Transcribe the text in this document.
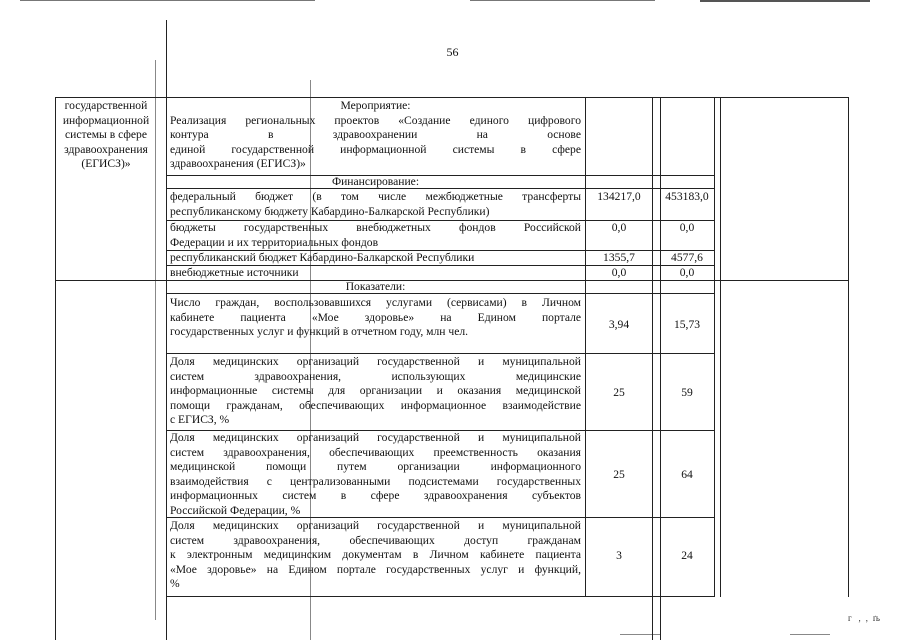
г   ,  ‚  ґь
56
государственной
информационной
системы в сфере
здравоохранения
(ЕГИСЗ)»
Мероприятие:
Реализация региональных проектов «Создание единого цифрового
контура в здравоохранении на основе
единой государственной информационной системы в сфере
здравоохранения (ЕГИСЗ)»
Финансирование:
федеральный бюджет (в том числе межбюджетные трансферты
республиканскому бюджету Кабардино-Балкарской Республики)
134217,0	453183,0
бюджеты государственных внебюджетных фондов Российской
Федерации и их территориальных фондов
0,0	0,0
республиканский бюджет Кабардино-Балкарской Республики	1355,7	4577,6
внебюджетные источники	0,0	0,0
Показатели:
Число граждан, воспользовавшихся услугами (сервисами) в Личном
кабинете пациента «Мое здоровье» на Едином портале
государственных услуг и функций в отчетном году, млн чел.
3,94	15,73
Доля медицинских организаций государственной и муниципальной
систем здравоохранения, использующих медицинские
информационные системы для организации и оказания медицинской
помощи гражданам, обеспечивающих информационное взаимодействие
с ЕГИСЗ, %
25	59
Доля медицинских организаций государственной и муниципальной
систем здравоохранения, обеспечивающих преемственность оказания
медицинской помощи путем организации информационного
взаимодействия с централизованными подсистемами государственных
информационных систем в сфере здравоохранения субъектов
Российской Федерации, %
25	64
Доля медицинских организаций государственной и муниципальной
систем здравоохранения, обеспечивающих доступ гражданам
к электронным медицинским документам в Личном кабинете пациента
«Мое здоровье» на Едином портале государственных услуг и функций,
%
3	24
